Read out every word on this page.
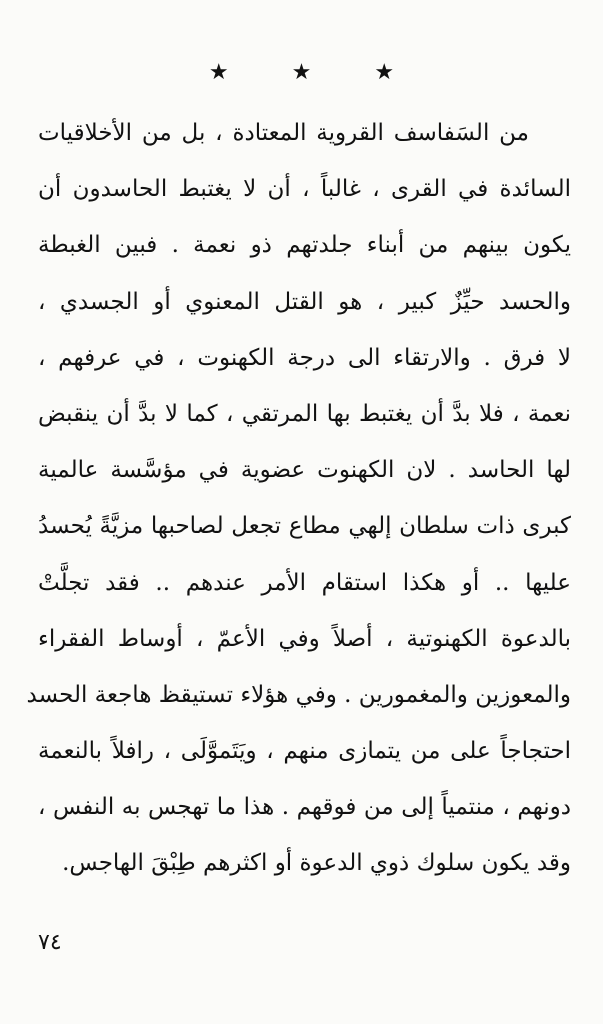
★ ★ ★
من السَفاسف القروية المعتادة ، بل من الأخلاقيات
السائدة في القرى ، غالباً ، أن لا يغتبط الحاسدون أن
يكون بينهم من أبناء جلدتهم ذو نعمة . فبين الغبطة
والحسد حيِّزٌ كبير ، هو القتل المعنوي أو الجسدي ،
لا فرق . والارتقاء الى درجة الكهنوت ، في عرفهم ،
نعمة ، فلا بدَّ أن يغتبط بها المرتقي ، كما لا بدَّ أن ينقبض
لها الحاسد . لان الكهنوت عضوية في مؤسَّسة عالمية
كبرى ذات سلطان إلهي مطاع تجعل لصاحبها مزيَّةً يُحسدُ
عليها .. أو هكذا استقام الأمر عندهم .. فقد تجلَّتْ
بالدعوة الكهنوتية ، أصلاً وفي الأعمّ ، أوساط الفقراء
والمعوزين والمغمورين . وفي هؤلاء تستيقظ هاجعة الحسد
احتجاجاً على من يتمازى منهم ، ويَتَموَّلَى ، رافلاً بالنعمة
دونهم ، منتمياً إلى من فوقهم . هذا ما تهجس به النفس ،
وقد يكون سلوك ذوي الدعوة أو اكثرهم طِبْقَ الهاجس.
٧٤
